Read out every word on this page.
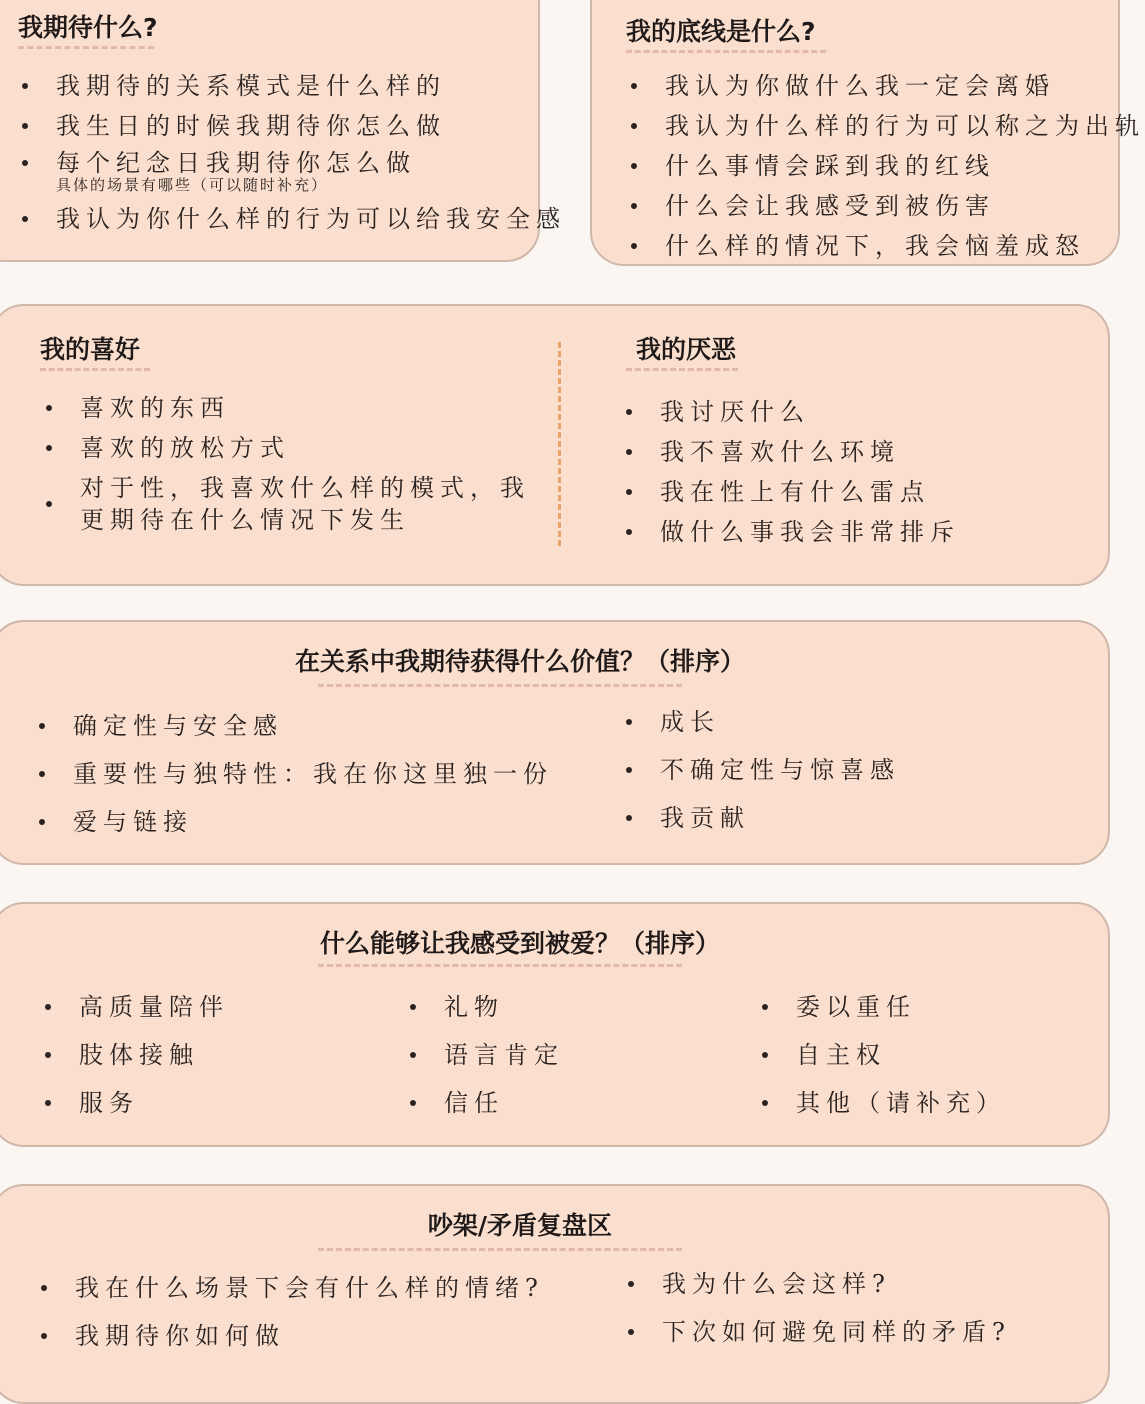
我期待什么?
我期待的关系模式是什么样的
我生日的时候我期待你怎么做
每个纪念日我期待你怎么做
具体的场景有哪些（可以随时补充）
我认为你什么样的行为可以给我安全感
我的底线是什么?
我认为你做什么我一定会离婚
我认为什么样的行为可以称之为出轨
什么事情会踩到我的红线
什么会让我感受到被伤害
什么样的情况下，我会恼羞成怒
我的喜好
喜欢的东西
喜欢的放松方式
对于性，我喜欢什么样的模式，我更期待在什么情况下发生
我的厌恶
我讨厌什么
我不喜欢什么环境
我在性上有什么雷点
做什么事我会非常排斥
在关系中我期待获得什么价值？（排序）
确定性与安全感
重要性与独特性：我在你这里独一份
爱与链接
成长
不确定性与惊喜感
我贡献
什么能够让我感受到被爱？（排序）
高质量陪伴
肢体接触
服务
礼物
语言肯定
信任
委以重任
自主权
其他（请补充）
吵架/矛盾复盘区
我在什么场景下会有什么样的情绪?
我期待你如何做
我为什么会这样?
下次如何避免同样的矛盾?
